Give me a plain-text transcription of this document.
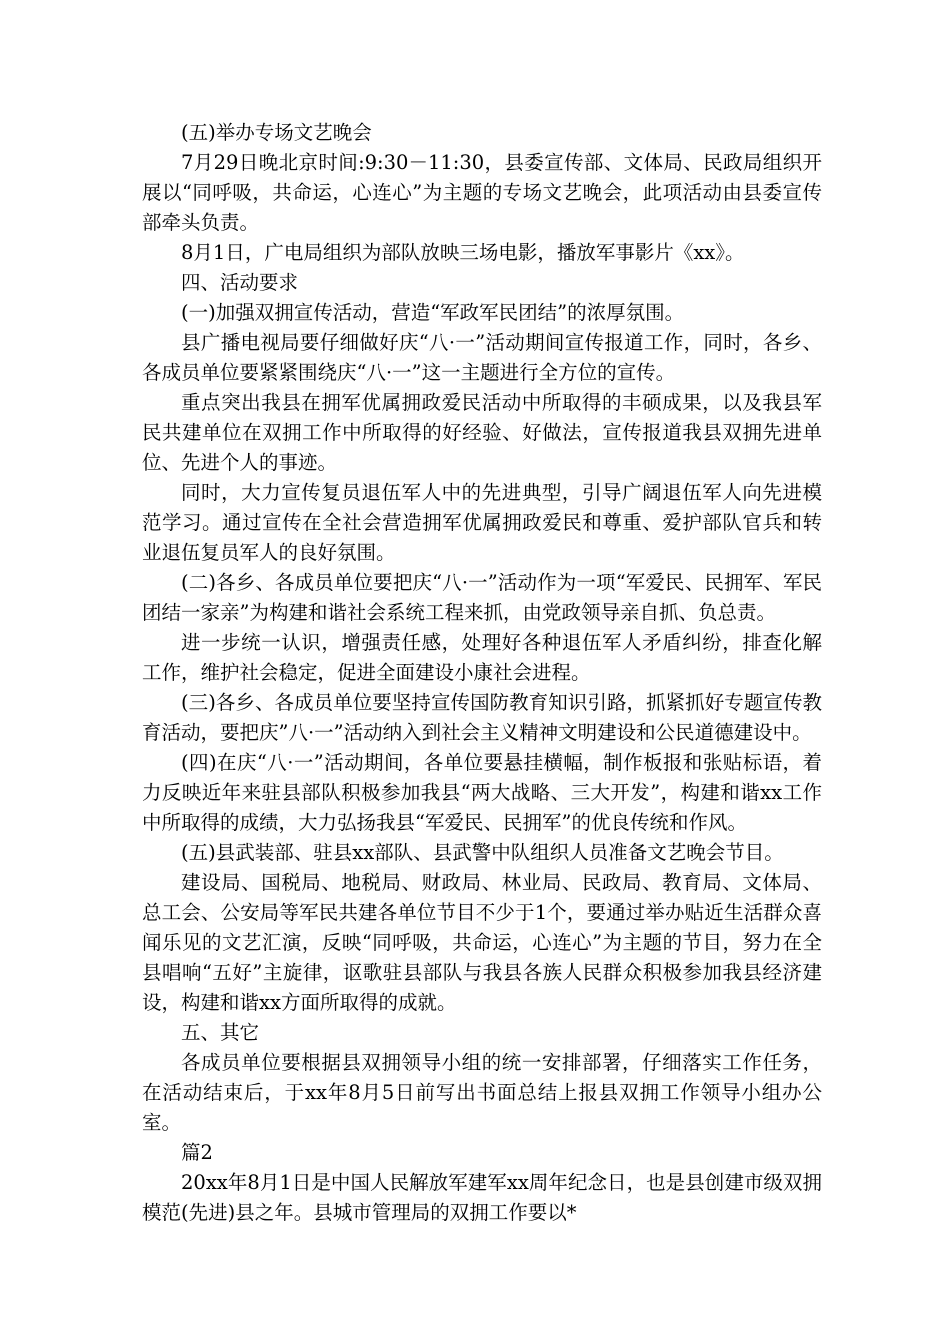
(五)举办专场文艺晚会

7月29日晚北京时间:9:30－11:30，县委宣传部、文体局、民政局组织开展以“同呼吸，共命运，心连心”为主题的专场文艺晚会，此项活动由县委宣传部牵头负责。

8月1日，广电局组织为部队放映三场电影，播放军事影片《xx》。

四、活动要求

(一)加强双拥宣传活动，营造“军政军民团结”的浓厚氛围。

县广播电视局要仔细做好庆“八·一”活动期间宣传报道工作，同时，各乡、各成员单位要紧紧围绕庆“八·一”这一主题进行全方位的宣传。

重点突出我县在拥军优属拥政爱民活动中所取得的丰硕成果，以及我县军民共建单位在双拥工作中所取得的好经验、好做法，宣传报道我县双拥先进单位、先进个人的事迹。

同时，大力宣传复员退伍军人中的先进典型，引导广阔退伍军人向先进模范学习。通过宣传在全社会营造拥军优属拥政爱民和尊重、爱护部队官兵和转业退伍复员军人的良好氛围。

(二)各乡、各成员单位要把庆“八·一”活动作为一项“军爱民、民拥军、军民团结一家亲”为构建和谐社会系统工程来抓，由党政领导亲自抓、负总责。

进一步统一认识，增强责任感，处理好各种退伍军人矛盾纠纷，排查化解工作，维护社会稳定，促进全面建设小康社会进程。

(三)各乡、各成员单位要坚持宣传国防教育知识引路，抓紧抓好专题宣传教育活动，要把庆”八·一”活动纳入到社会主义精神文明建设和公民道德建设中。

(四)在庆“八·一”活动期间，各单位要悬挂横幅，制作板报和张贴标语，着力反映近年来驻县部队积极参加我县“两大战略、三大开发”，构建和谐xx工作中所取得的成绩，大力弘扬我县“军爱民、民拥军”的优良传统和作风。

(五)县武装部、驻县xx部队、县武警中队组织人员准备文艺晚会节目。

建设局、国税局、地税局、财政局、林业局、民政局、教育局、文体局、总工会、公安局等军民共建各单位节目不少于1个，要通过举办贴近生活群众喜闻乐见的文艺汇演，反映“同呼吸，共命运，心连心”为主题的节目，努力在全县唱响“五好”主旋律，讴歌驻县部队与我县各族人民群众积极参加我县经济建设，构建和谐xx方面所取得的成就。

五、其它

各成员单位要根据县双拥领导小组的统一安排部署，仔细落实工作任务，在活动结束后，于xx年8月5日前写出书面总结上报县双拥工作领导小组办公室。

篇2

20xx年8月1日是中国人民解放军建军xx周年纪念日，也是县创建市级双拥模范(先进)县之年。县城市管理局的双拥工作要以*
